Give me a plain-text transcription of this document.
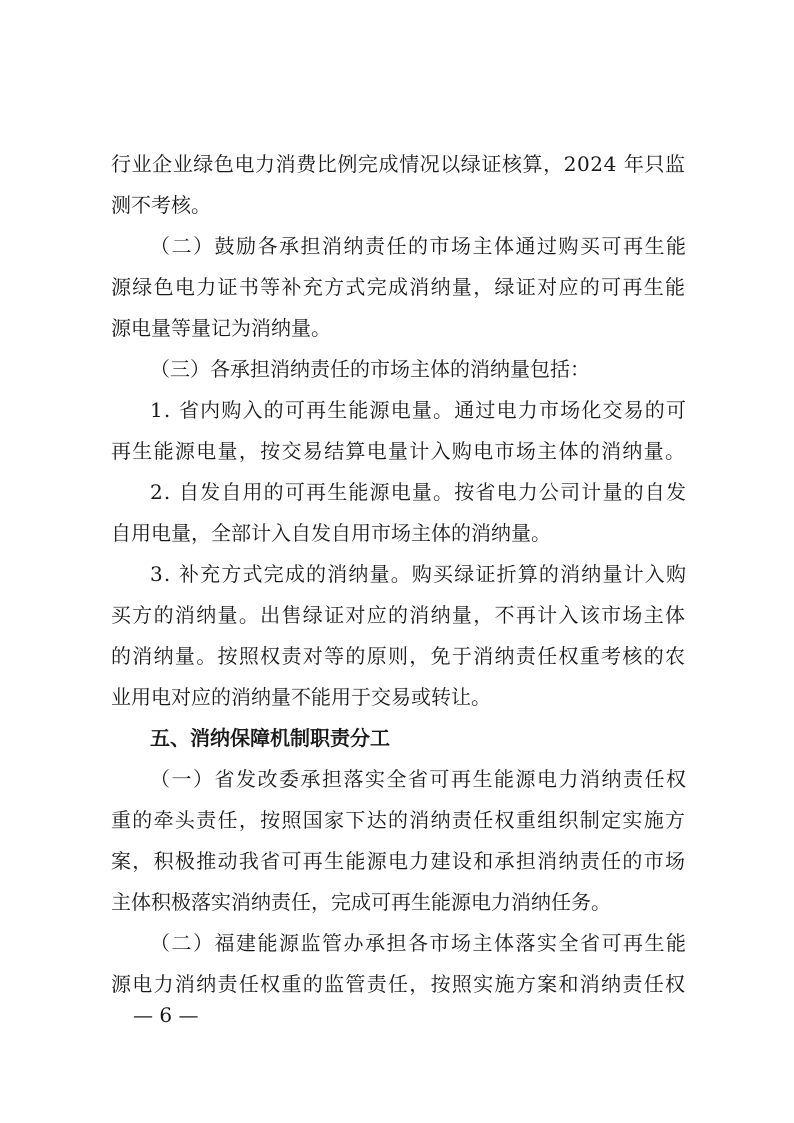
行业企业绿色电力消费比例完成情况以绿证核算，2024 年只监
测不考核。
（二）鼓励各承担消纳责任的市场主体通过购买可再生能
源绿色电力证书等补充方式完成消纳量，绿证对应的可再生能
源电量等量记为消纳量。
（三）各承担消纳责任的市场主体的消纳量包括：
1. 省内购入的可再生能源电量。通过电力市场化交易的可
再生能源电量，按交易结算电量计入购电市场主体的消纳量。
2. 自发自用的可再生能源电量。按省电力公司计量的自发
自用电量，全部计入自发自用市场主体的消纳量。
3. 补充方式完成的消纳量。购买绿证折算的消纳量计入购
买方的消纳量。出售绿证对应的消纳量，不再计入该市场主体
的消纳量。按照权责对等的原则，免于消纳责任权重考核的农
业用电对应的消纳量不能用于交易或转让。
五、消纳保障机制职责分工
（一）省发改委承担落实全省可再生能源电力消纳责任权
重的牵头责任，按照国家下达的消纳责任权重组织制定实施方
案，积极推动我省可再生能源电力建设和承担消纳责任的市场
主体积极落实消纳责任，完成可再生能源电力消纳任务。
（二）福建能源监管办承担各市场主体落实全省可再生能
源电力消纳责任权重的监管责任，按照实施方案和消纳责任权
— 6 —
